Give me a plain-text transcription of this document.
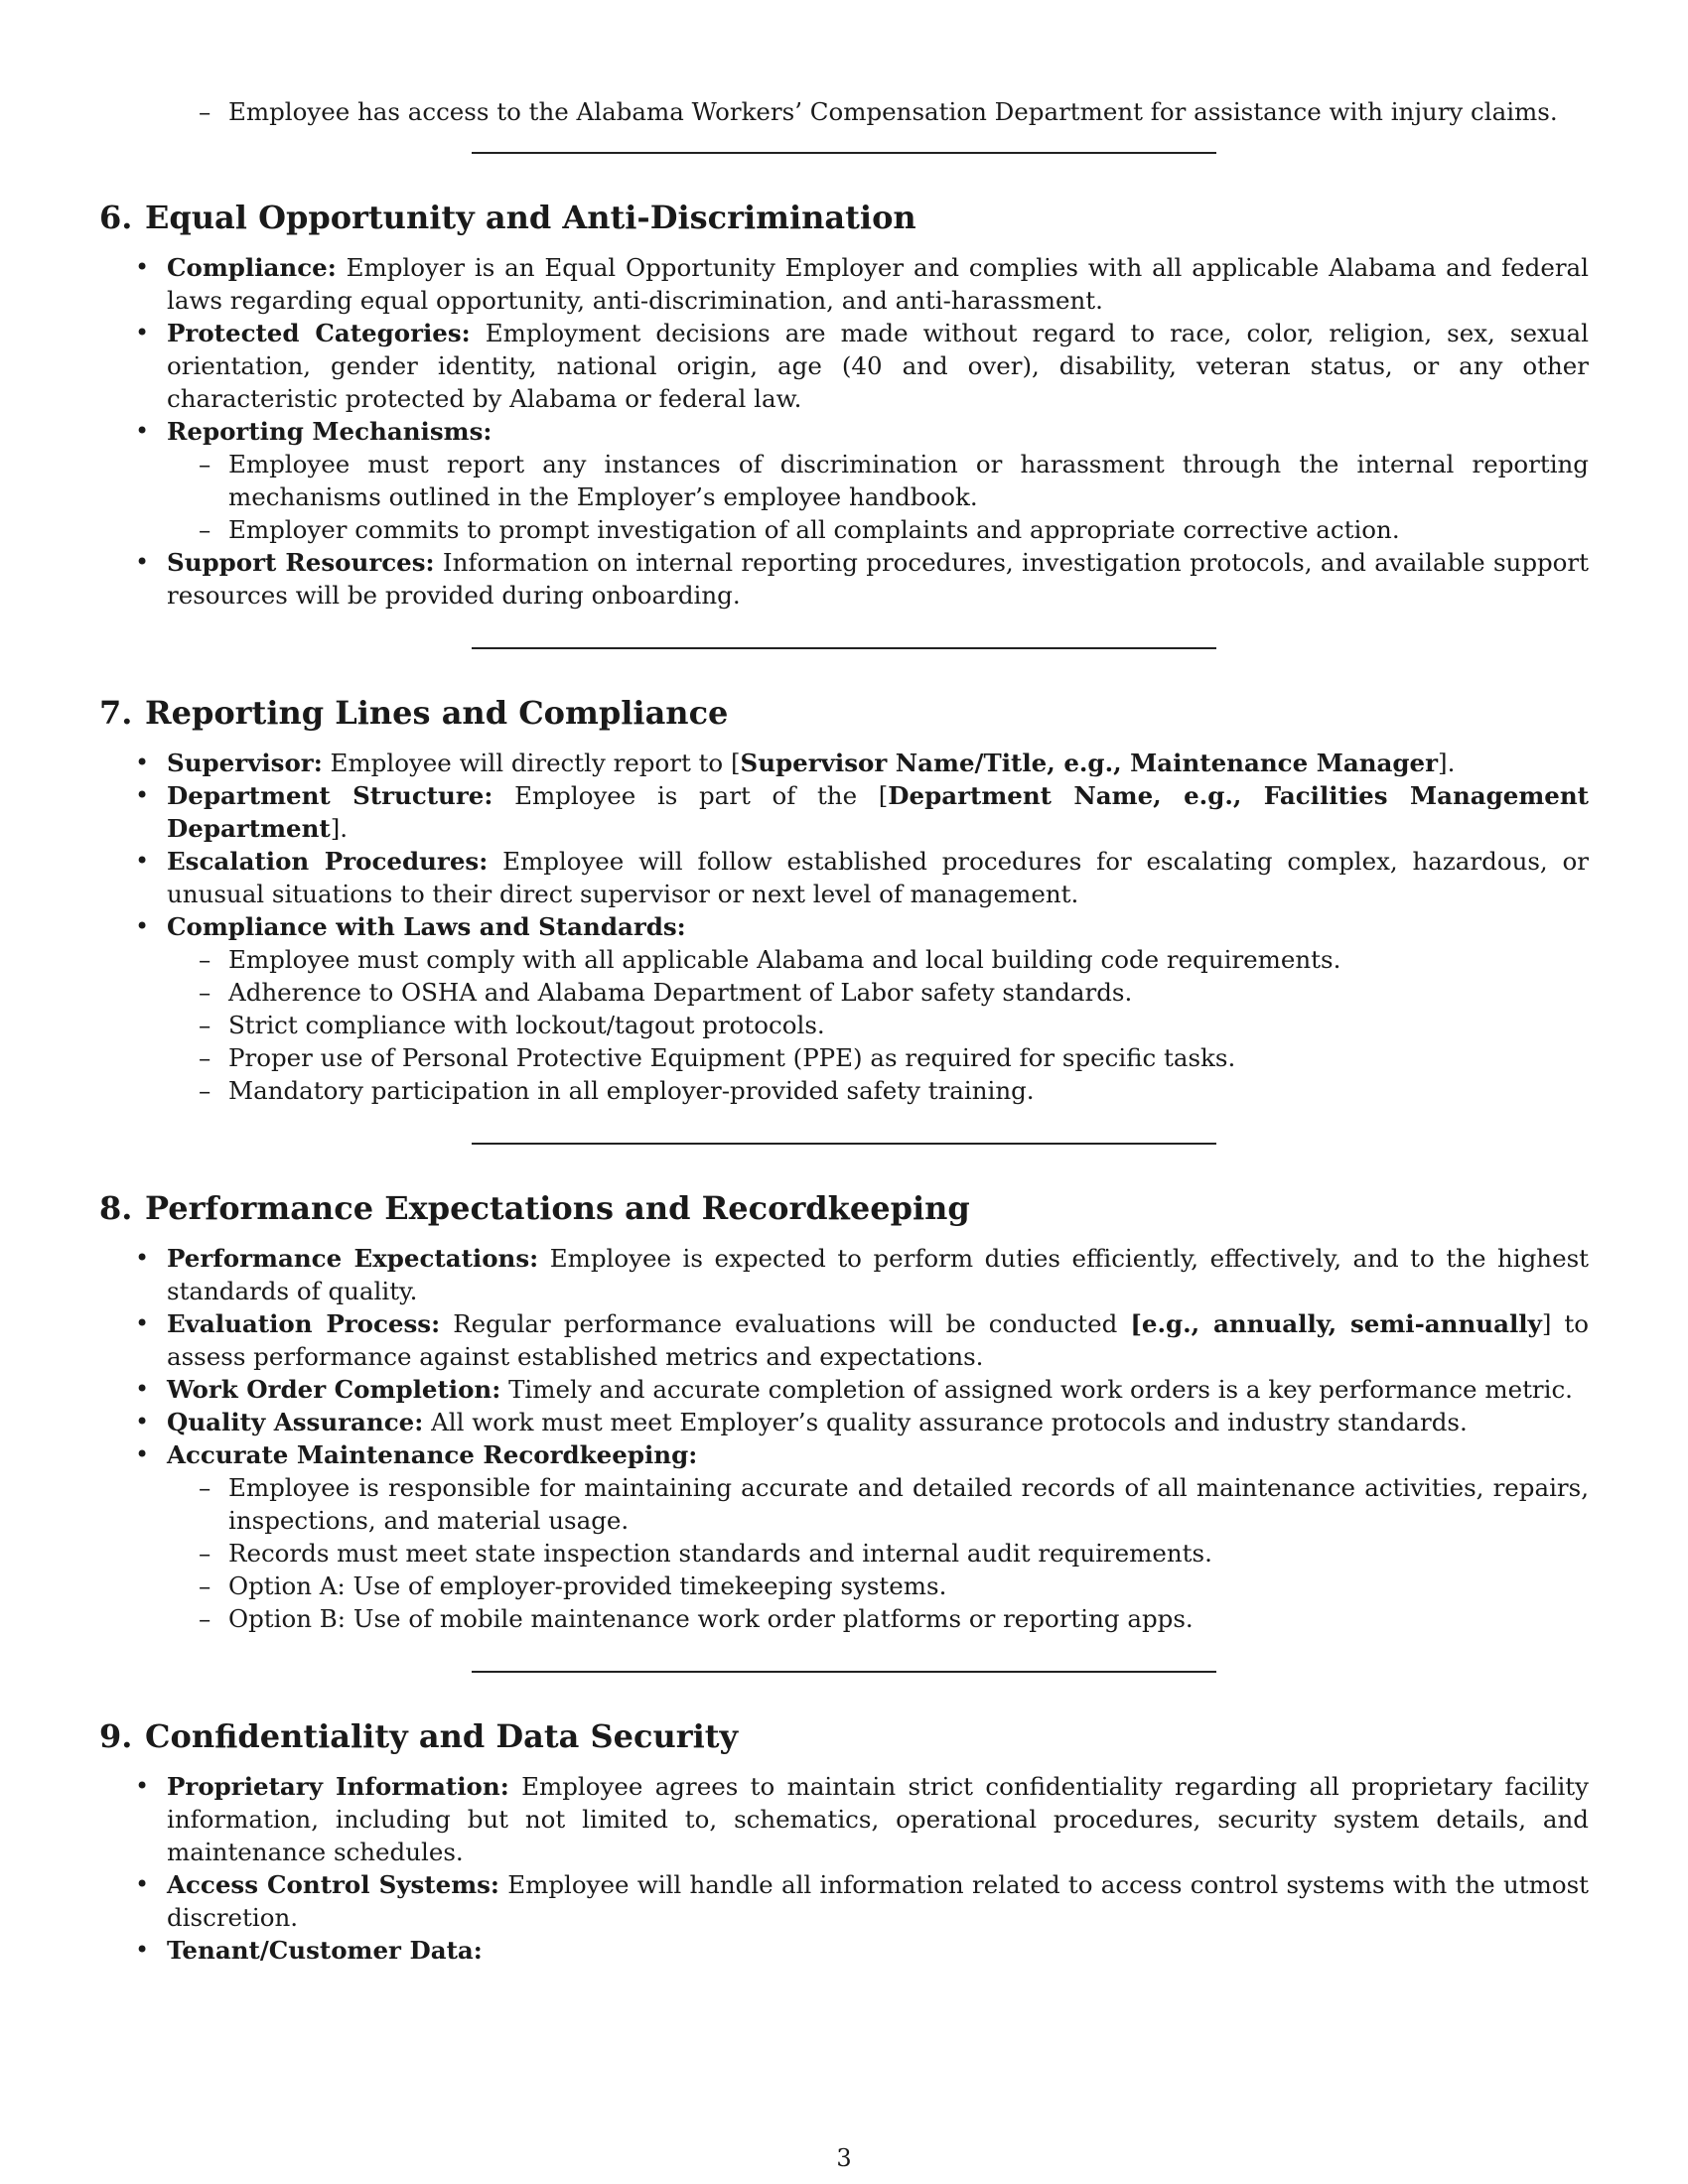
– Employee has access to the Alabama Workers’ Compensation Department for assistance with injury claims.
6. Equal Opportunity and Anti-Discrimination
• Compliance: Employer is an Equal Opportunity Employer and complies with all applicable Alabama and federal laws regarding equal opportunity, anti-discrimination, and anti-harassment.
• Protected Categories: Employment decisions are made without regard to race, color, religion, sex, sexual orientation, gender identity, national origin, age (40 and over), disability, veteran status, or any other characteristic protected by Alabama or federal law.
• Reporting Mechanisms:
– Employee must report any instances of discrimination or harassment through the internal reporting mechanisms outlined in the Employer’s employee handbook.
– Employer commits to prompt investigation of all complaints and appropriate corrective action.
• Support Resources: Information on internal reporting procedures, investigation protocols, and available support resources will be provided during onboarding.
7. Reporting Lines and Compliance
• Supervisor: Employee will directly report to [Supervisor Name/Title, e.g., Maintenance Manager].
• Department Structure: Employee is part of the [Department Name, e.g., Facilities Management Department].
• Escalation Procedures: Employee will follow established procedures for escalating complex, hazardous, or unusual situations to their direct supervisor or next level of management.
• Compliance with Laws and Standards:
– Employee must comply with all applicable Alabama and local building code requirements.
– Adherence to OSHA and Alabama Department of Labor safety standards.
– Strict compliance with lockout/tagout protocols.
– Proper use of Personal Protective Equipment (PPE) as required for specific tasks.
– Mandatory participation in all employer-provided safety training.
8. Performance Expectations and Recordkeeping
• Performance Expectations: Employee is expected to perform duties efficiently, effectively, and to the highest standards of quality.
• Evaluation Process: Regular performance evaluations will be conducted [e.g., annually, semi-annually] to assess performance against established metrics and expectations.
• Work Order Completion: Timely and accurate completion of assigned work orders is a key performance metric.
• Quality Assurance: All work must meet Employer’s quality assurance protocols and industry standards.
• Accurate Maintenance Recordkeeping:
– Employee is responsible for maintaining accurate and detailed records of all maintenance activities, repairs, inspections, and material usage.
– Records must meet state inspection standards and internal audit requirements.
– Option A: Use of employer-provided timekeeping systems.
– Option B: Use of mobile maintenance work order platforms or reporting apps.
9. Confidentiality and Data Security
• Proprietary Information: Employee agrees to maintain strict confidentiality regarding all proprietary facility information, including but not limited to, schematics, operational procedures, security system details, and maintenance schedules.
• Access Control Systems: Employee will handle all information related to access control systems with the utmost discretion.
• Tenant/Customer Data:
3
